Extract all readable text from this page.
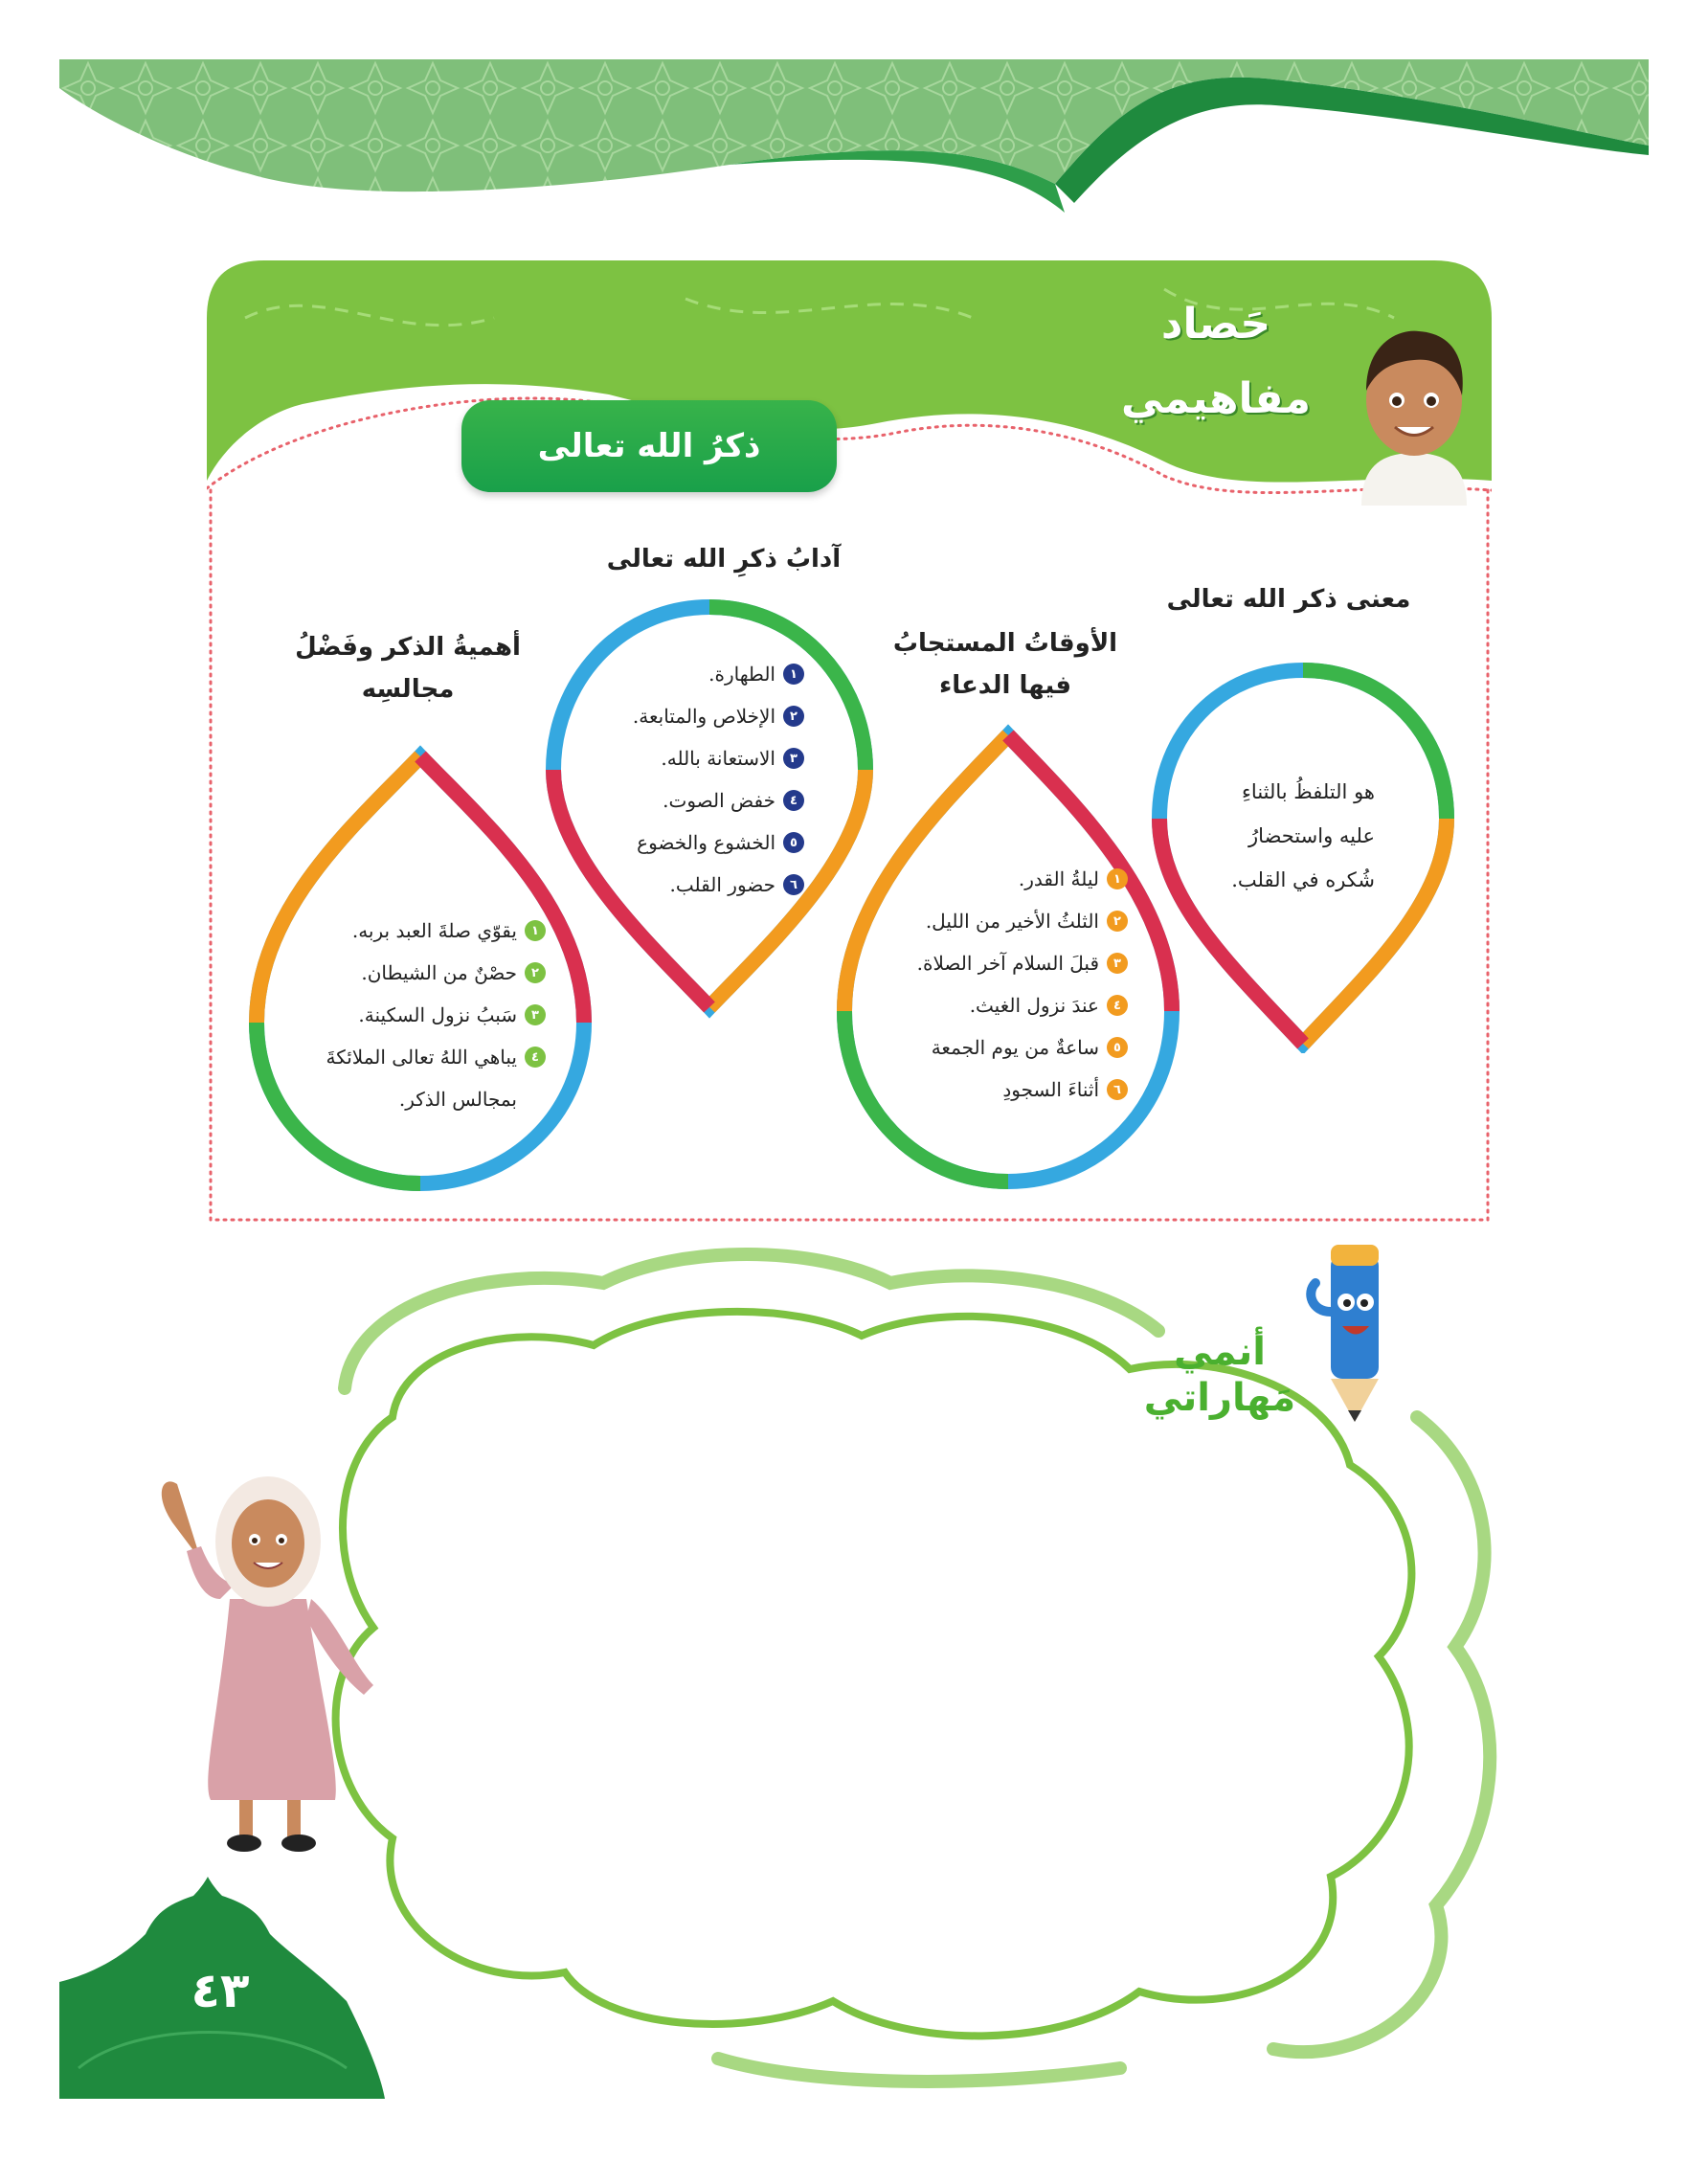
حَصاد
مفاهيمي
ذكرُ الله تعالى
معنى ذكر الله تعالى
هو التلفظُ بالثناءِ
عليه واستحضارُ
شُكره في القلب.
الأوقاتُ المستجابُ
فيها الدعاء
١
ليلةُ القدر.
٢
الثلثُ الأخير من الليل.
٣
قبلَ السلام آخر الصلاة.
٤
عندَ نزول الغيث.
٥
ساعةٌ من يوم الجمعة
٦
أثناءَ السجودِ
آدابُ ذكرِ الله تعالى
١
الطهارة.
٢
الإخلاص والمتابعة.
٣
الاستعانة بالله.
٤
خفض الصوت.
٥
الخشوع والخضوع
٦
حضور القلب.
أهميةُ الذكر وفَضْلُ
مجالسِه
١
يقوّي صلةَ العبد بربه.
٢
حصْنٌ من الشيطان.
٣
سَببُ نزول السكينة.
٤
يباهي اللهُ تعالى الملائكةَ
بمجالس الذكر.
أنمي
مَهاراتي
٤٣
